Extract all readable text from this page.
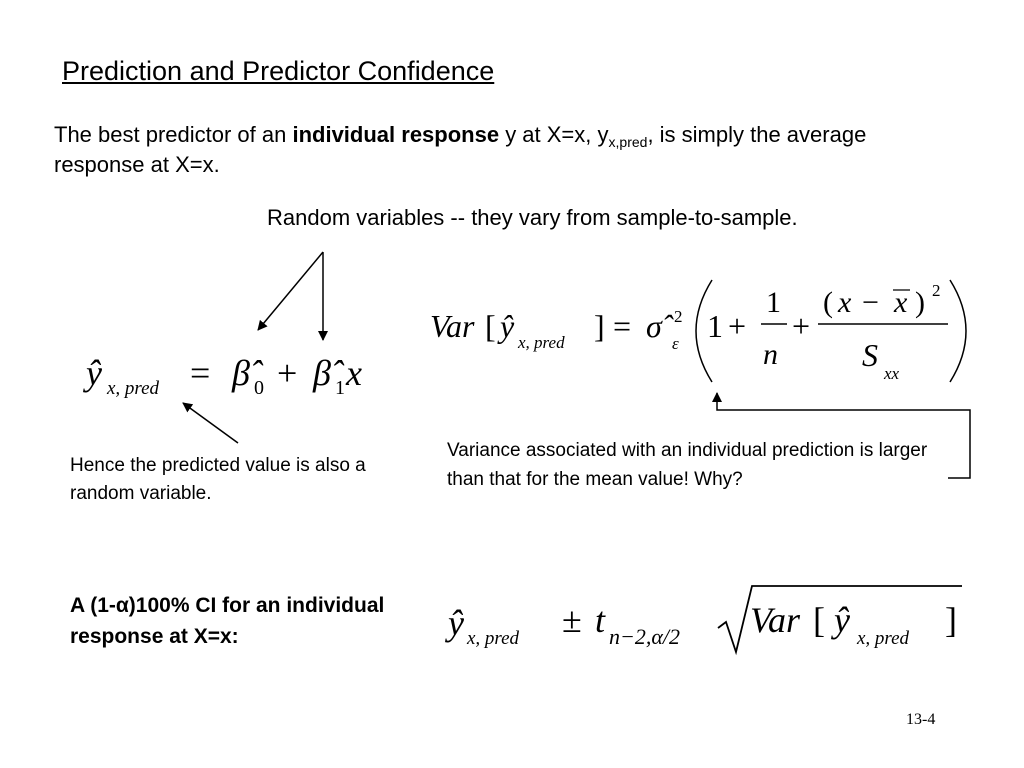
Prediction and Predictor Confidence
The best predictor of an individual response y at X=x, $y_{x,pred}$, is simply the average response at X=x.
Random variables -- they vary from sample-to-sample.
ŷ x, pred = β̂ 0 + β̂ 1 x
Var [ ŷ x, pred ] = σ̂ 2
ε 1 +
1
n
+
( x − x ) 2
S
xx
ŷ x, pred ± t n−2,α/2 Var [ ŷ x, pred ]
Hence the predicted value is also a random variable.
Variance associated with an individual prediction is larger than that for the mean value! Why?
A (1-α)100% CI for an individual response at X=x:
13-4
